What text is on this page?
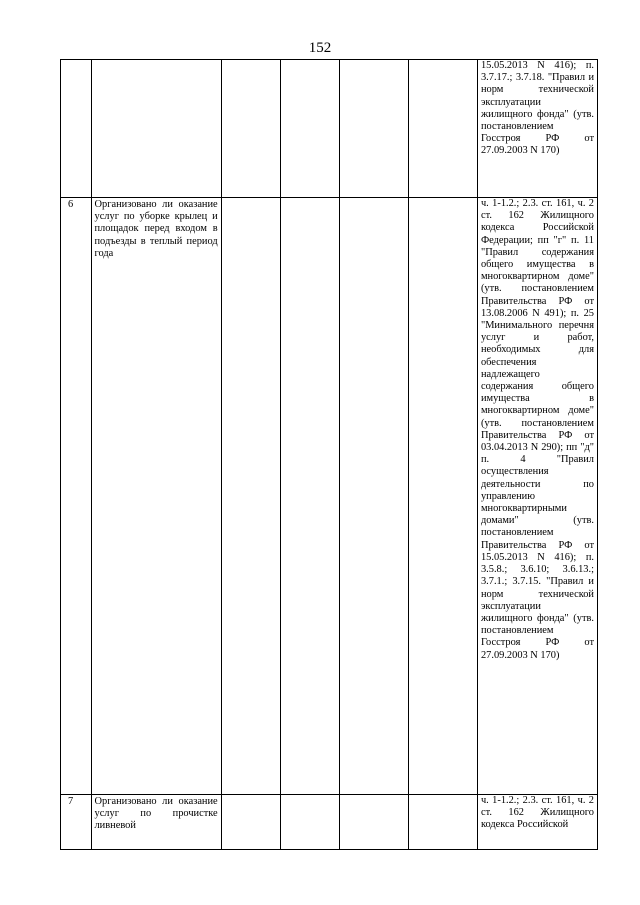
152

						15.05.2013 N 416); п. 3.7.17.; 3.7.18. "Правил и норм технической эксплуатации жилищного фонда" (утв. постановлением Госстроя РФ от 27.09.2003 N 170)

6	Организовано ли оказание услуг по уборке крылец и площадок перед входом в подъезды в теплый период года					ч. 1-1.2.; 2.3. ст. 161, ч. 2 ст. 162 Жилищного кодекса Российской Федерации; пп "г" п. 11 "Правил содержания общего имущества в многоквартирном доме" (утв. постановлением Правительства РФ от 13.08.2006 N 491); п. 25 "Минимального перечня услуг и работ, необходимых для обеспечения надлежащего содержания общего имущества в многоквартирном доме" (утв. постановлением Правительства РФ от 03.04.2013 N 290); пп "д" п. 4 "Правил осуществления деятельности по управлению многоквартирными домами" (утв. постановлением Правительства РФ от 15.05.2013 N 416); п. 3.5.8.; 3.6.10; 3.6.13.; 3.7.1.; 3.7.15. "Правил и норм технической эксплуатации жилищного фонда" (утв. постановлением Госстроя РФ от 27.09.2003 N 170)

7	Организовано ли оказание услуг по прочистке ливневой					ч. 1-1.2.; 2.3. ст. 161, ч. 2 ст. 162 Жилищного кодекса Российской
